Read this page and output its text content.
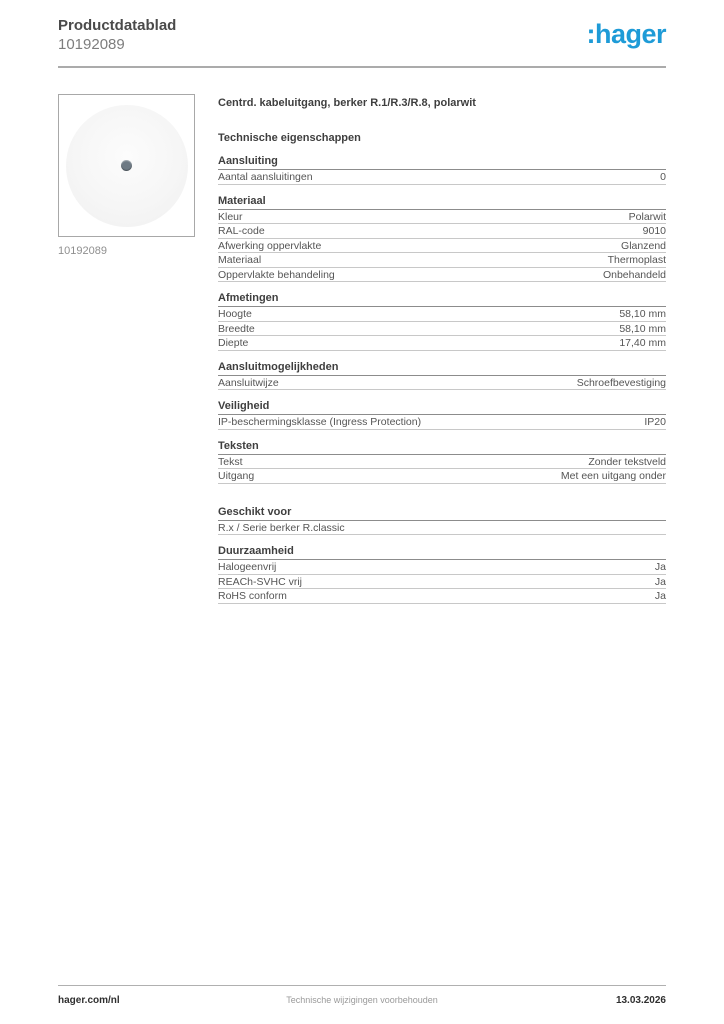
Productdatablad
10192089	:hager
10192089
Centrd. kabeluitgang, berker R.1/R.3/R.8, polarwit
Technische eigenschappen
Aansluiting
Aantal aansluitingen	0
Materiaal
Kleur	Polarwit
RAL-code	9010
Afwerking oppervlakte	Glanzend
Materiaal	Thermoplast
Oppervlakte behandeling	Onbehandeld
Afmetingen
Hoogte	58,10 mm
Breedte	58,10 mm
Diepte	17,40 mm
Aansluitmogelijkheden
Aansluitwijze	Schroefbevestiging
Veiligheid
IP-beschermingsklasse (Ingress Protection)	IP20
Teksten
Tekst	Zonder tekstveld
Uitgang	Met een uitgang onder
Geschikt voor
R.x / Serie berker R.classic
Duurzaamheid
Halogeenvrij	Ja
REACh-SVHC vrij	Ja
RoHS conform	Ja
Technische wijzigingen voorbehouden
hager.com/nl	13.03.2026
